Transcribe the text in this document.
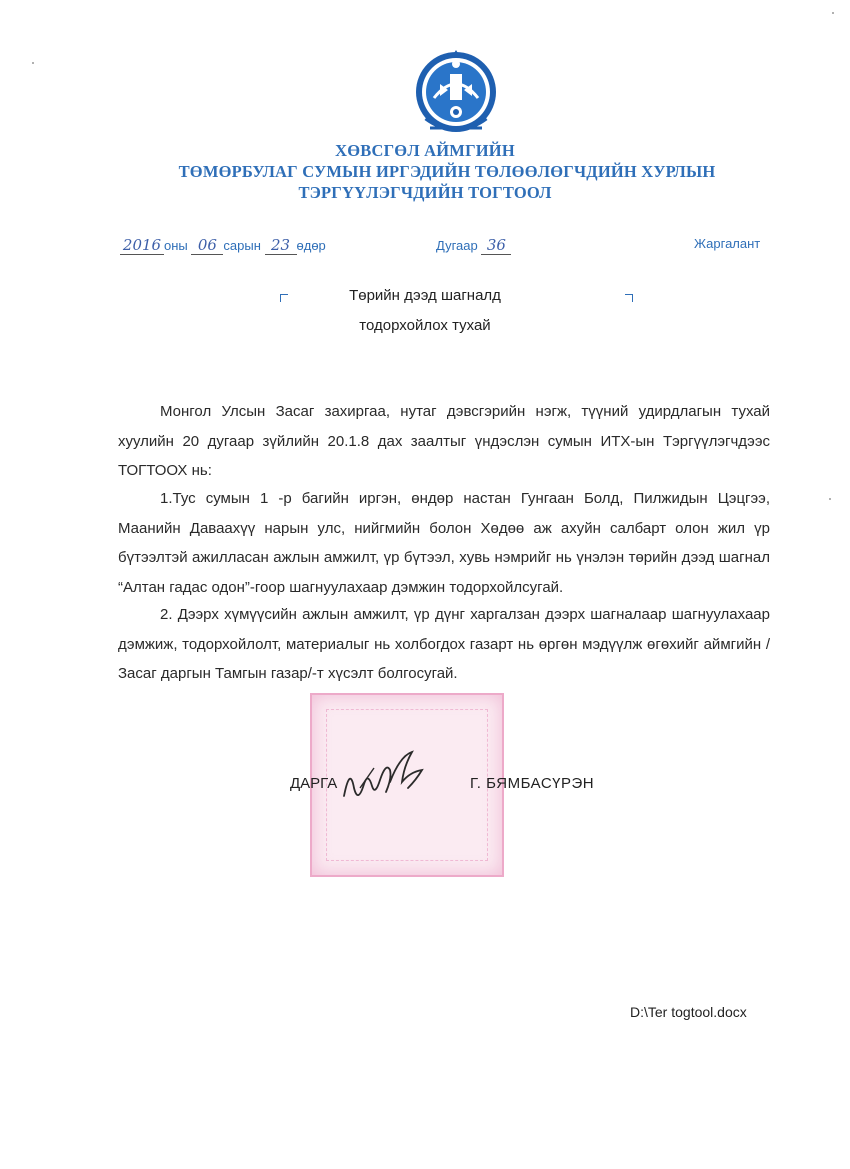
ХӨВСГӨЛ АЙМГИЙН
ТӨМӨРБУЛАГ СУМЫН ИРГЭДИЙН ТӨЛӨӨЛӨГЧДИЙН ХУРЛЫН
ТЭРГҮҮЛЭГЧДИЙН ТОГТООЛ
2016 оны 06 сарын 23 өдөр	Дугаар 36	Жаргалант
Төрийн дээд шагналд
тодорхойлох тухай
Монгол Улсын Засаг захиргаа, нутаг дэвсгэрийн нэгж, түүний удирдлагын тухай хуулийн 20 дугаар зүйлийн 20.1.8 дах заалтыг үндэслэн сумын ИТХ-ын Тэргүүлэгчдээс ТОГТООХ нь:
1.Тус сумын 1 -р багийн иргэн, өндөр настан Гунгаан Болд, Пилжидын Цэцгээ, Маанийн Даваахүү нарын улс, нийгмийн болон Хөдөө аж ахуйн салбарт олон жил үр бүтээлтэй ажилласан ажлын амжилт, үр бүтээл, хувь нэмрийг нь үнэлэн төрийн дээд шагнал “Алтан гадас одон”-гоор шагнуулахаар дэмжин тодорхойлсугай.
2. Дээрх хүмүүсийн ажлын амжилт, үр дүнг харгалзан дээрх шагналаар шагнуулахаар дэмжиж, тодорхойлолт, материалыг нь холбогдох газарт нь өргөн мэдүүлж өгөхийг аймгийн /Засаг даргын Тамгын газар/-т хүсэлт болгосугай.
ДАРГА	Г. БЯМБАСҮРЭН
D:\Ter togtool.docx
